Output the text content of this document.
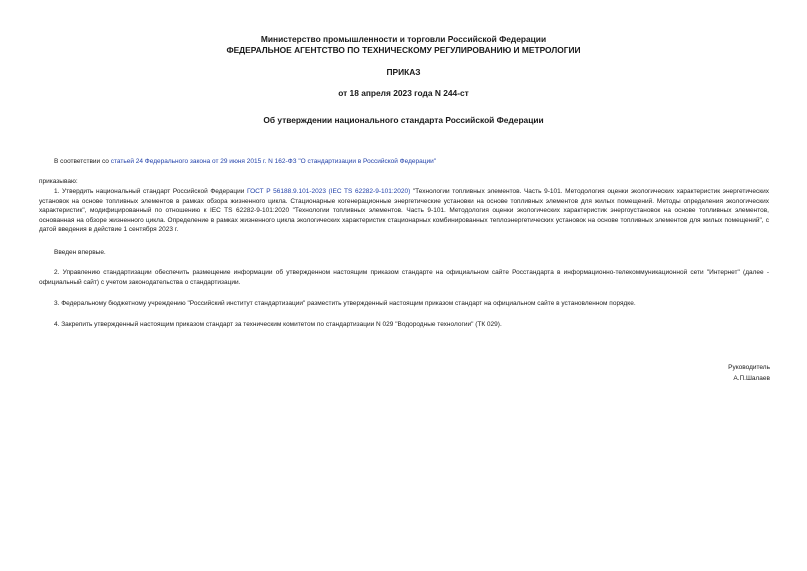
Министерство промышленности и торговли Российской Федерации
ФЕДЕРАЛЬНОЕ АГЕНТСТВО ПО ТЕХНИЧЕСКОМУ РЕГУЛИРОВАНИЮ И МЕТРОЛОГИИ
ПРИКАЗ
от 18 апреля 2023 года N 244-ст
Об утверждении национального стандарта Российской Федерации
В соответствии со статьей 24 Федерального закона от 29 июня 2015 г. N 162-ФЗ "О стандартизации в Российской Федерации"
приказываю:
1. Утвердить национальный стандарт Российской Федерации ГОСТ Р 56188.9.101-2023 (IEC TS 62282-9-101:2020) "Технологии топливных элементов. Часть 9-101. Методология оценки экологических характеристик энергетических установок на основе топливных элементов в рамках обзора жизненного цикла. Стационарные когенерационные энергетические установки на основе топливных элементов для жилых помещений. Методы определения экологических характеристик", модифицированный по отношению к IEC TS 62282-9-101:2020 "Технологии топливных элементов. Часть 9-101. Методология оценки экологических характеристик энергоустановок на основе топливных элементов, основанная на обзоре жизненного цикла. Определение в рамках жизненного цикла экологических характеристик стационарных комбинированных теплоэнергетических установок на основе топливных элементов для жилых помещений", с датой введения в действие 1 сентября 2023 г.
Введен впервые.
2. Управлению стандартизации обеспечить размещение информации об утвержденном настоящим приказом стандарте на официальном сайте Росстандарта в информационно-телекоммуникационной сети "Интернет" (далее - официальный сайт) с учетом законодательства о стандартизации.
3. Федеральному бюджетному учреждению "Российский институт стандартизации" разместить утвержденный настоящим приказом стандарт на официальном сайте в установленном порядке.
4. Закрепить утвержденный настоящим приказом стандарт за техническим комитетом по стандартизации N 029 "Водородные технологии" (ТК 029).
Руководитель
А.П.Шалаев
